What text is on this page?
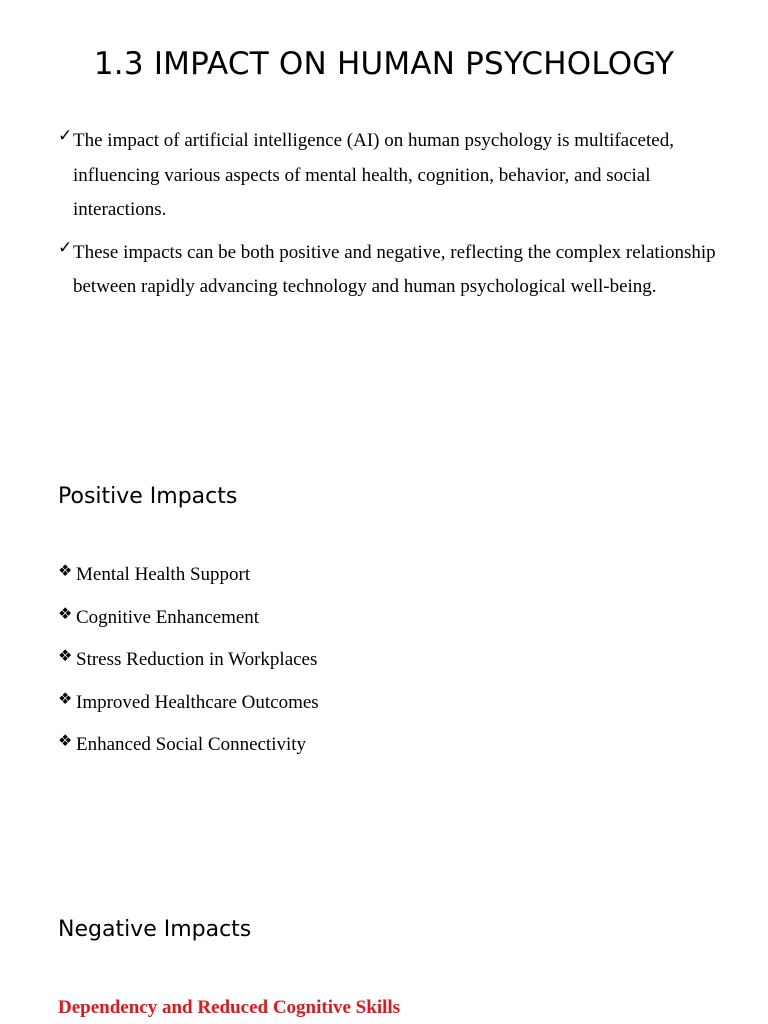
1.3 IMPACT ON HUMAN PSYCHOLOGY
✓ The impact of artificial intelligence (AI) on human psychology is multifaceted, influencing various aspects of mental health, cognition, behavior, and social interactions.
✓ These impacts can be both positive and negative, reflecting the complex relationship between rapidly advancing technology and human psychological well-being.
Positive Impacts
❖ Mental Health Support
❖ Cognitive Enhancement
❖ Stress Reduction in Workplaces
❖ Improved Healthcare Outcomes
❖ Enhanced Social Connectivity
Negative Impacts
Dependency and Reduced Cognitive Skills
